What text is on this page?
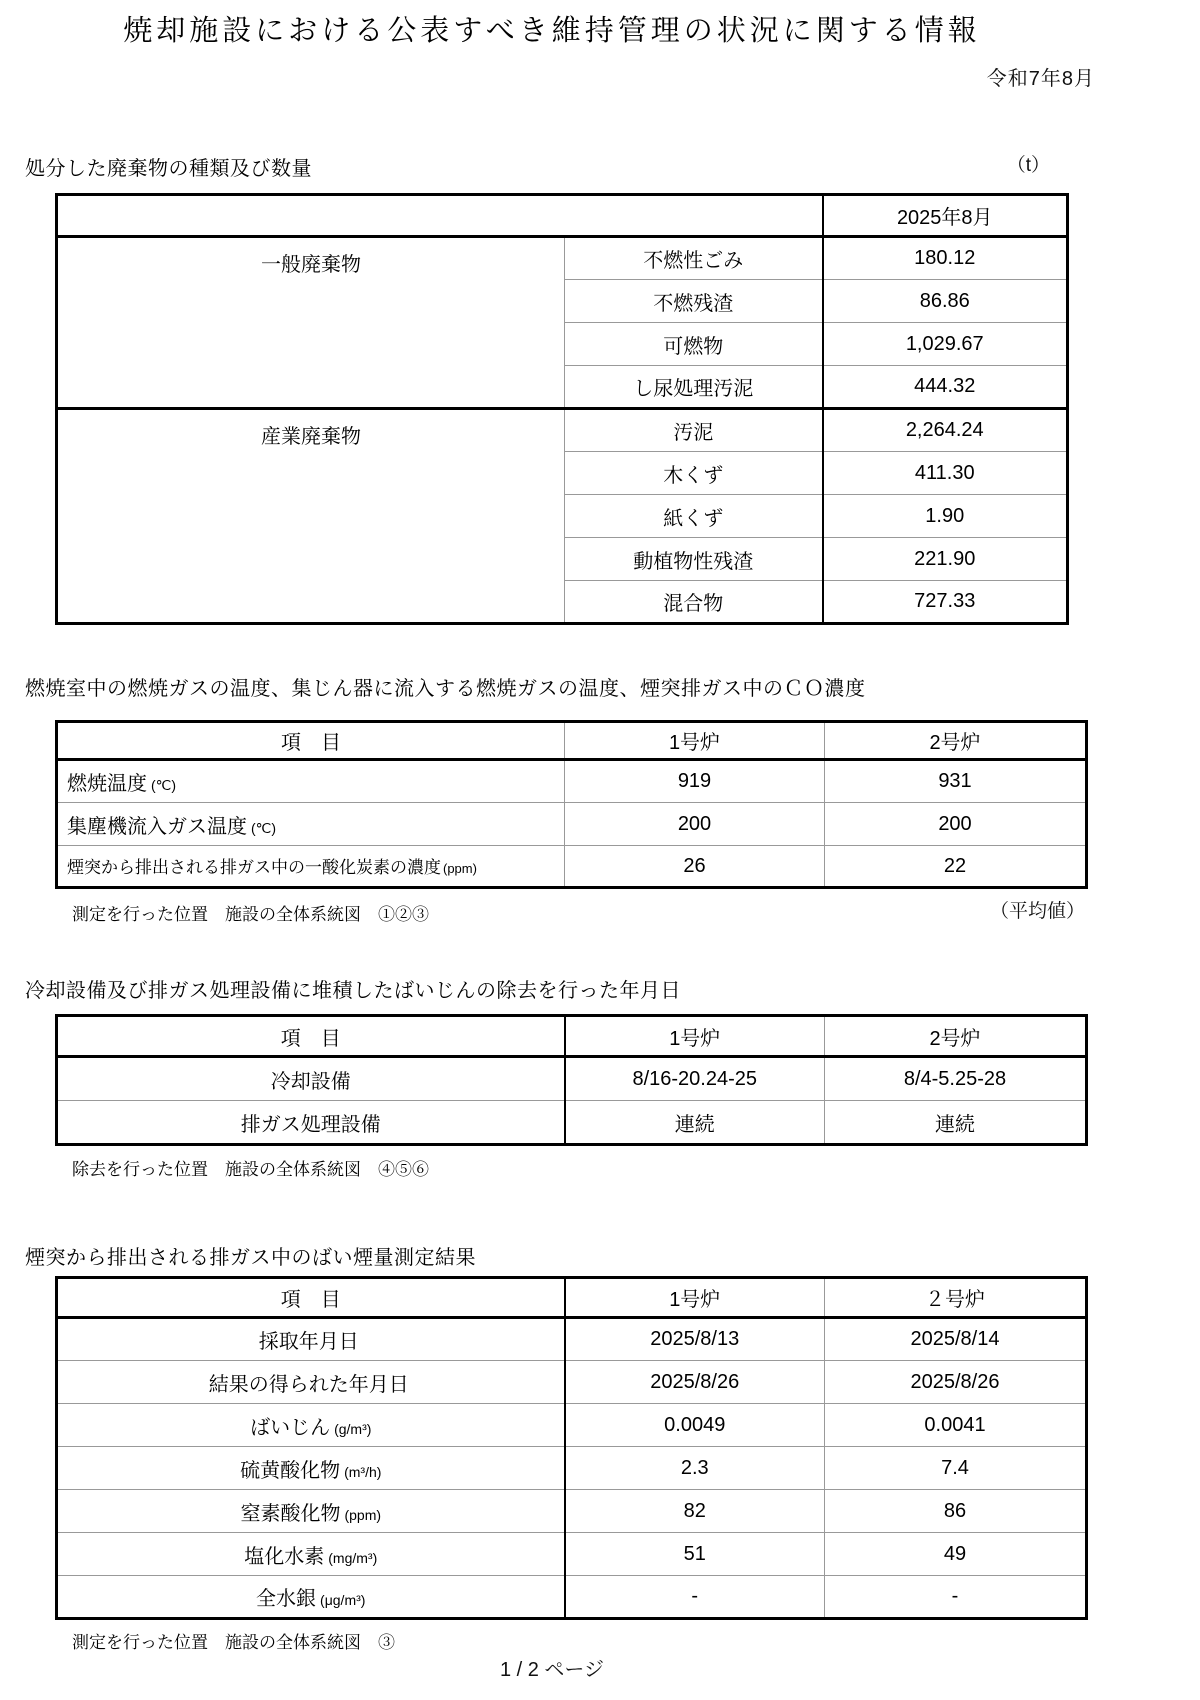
焼却施設における公表すべき維持管理の状況に関する情報
令和7年8月
処分した廃棄物の種類及び数量	（t）
		2025年8月
一般廃棄物	不燃性ごみ	180.12
	不燃残渣	86.86
	可燃物	1,029.67
	し尿処理汚泥	444.32
産業廃棄物	汚泥	2,264.24
	木くず	411.30
	紙くず	1.90
	動植物性残渣	221.90
	混合物	727.33
燃焼室中の燃焼ガスの温度、集じん器に流入する燃焼ガスの温度、煙突排ガス中のＣＯ濃度
項　目	1号炉	2号炉
燃焼温度 (℃)	919	931
集塵機流入ガス温度 (℃)	200	200
煙突から排出される排ガス中の一酸化炭素の濃度 (ppm)	26	22
測定を行った位置　施設の全体系統図　①②③	（平均値）
冷却設備及び排ガス処理設備に堆積したばいじんの除去を行った年月日
項　目	1号炉	2号炉
冷却設備	8/16-20.24-25	8/4-5.25-28
排ガス処理設備	連続	連続
除去を行った位置　施設の全体系統図　④⑤⑥
煙突から排出される排ガス中のばい煙量測定結果
項　目	1号炉	２号炉
採取年月日	2025/8/13	2025/8/14
結果の得られた年月日	2025/8/26	2025/8/26
ばいじん (g/m³)	0.0049	0.0041
硫黄酸化物 (m³/h)	2.3	7.4
窒素酸化物 (ppm)	82	86
塩化水素 (mg/m³)	51	49
全水銀 (μg/m³)	-	-
測定を行った位置　施設の全体系統図　③
1 / 2 ページ
